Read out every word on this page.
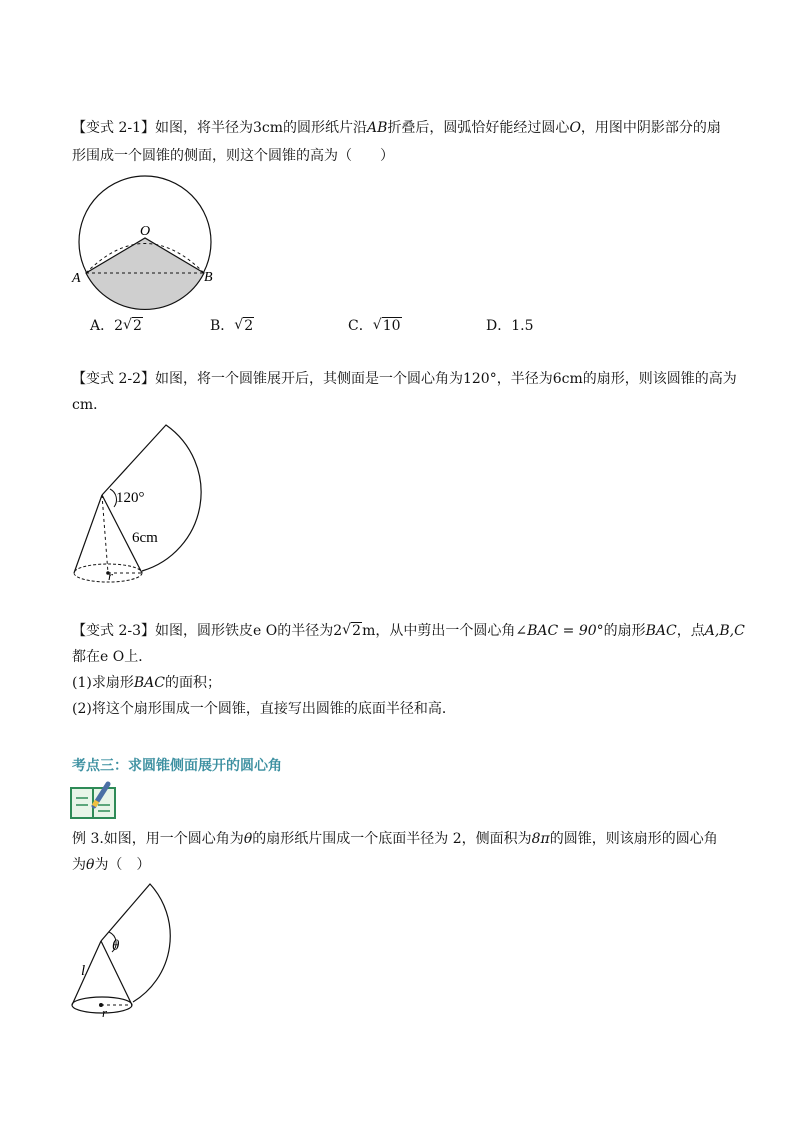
【变式 2-1】如图，将半径为3cm的圆形纸片沿AB折叠后，圆弧恰好能经过圆心O，用图中阴影部分的扇
形围成一个圆锥的侧面，则这个圆锥的高为（　　）
O
A	B
A．2 √ 2	B． √ 2	C． √ 10	D．1.5
【变式 2-2】如图，将一个圆锥展开后，其侧面是一个圆心角为120°，半径为6cm的扇形，则该圆锥的高为
cm．
120°
6cm
r
【变式 2-3】如图，圆形铁皮e O的半径为2 √ 2m，从中剪出一个圆心角∠BAC = 90°的扇形BAC，点A,B,C
都在e O上．
(1)求扇形BAC的面积；
(2)将这个扇形围成一个圆锥，直接写出圆锥的底面半径和高．
考点三：求圆锥侧面展开的圆心角
例 3.如图，用一个圆心角为θ的扇形纸片围成一个底面半径为 2，侧面积为8π的圆锥，则该扇形的圆心角
为θ为（　）
θ
l
r
